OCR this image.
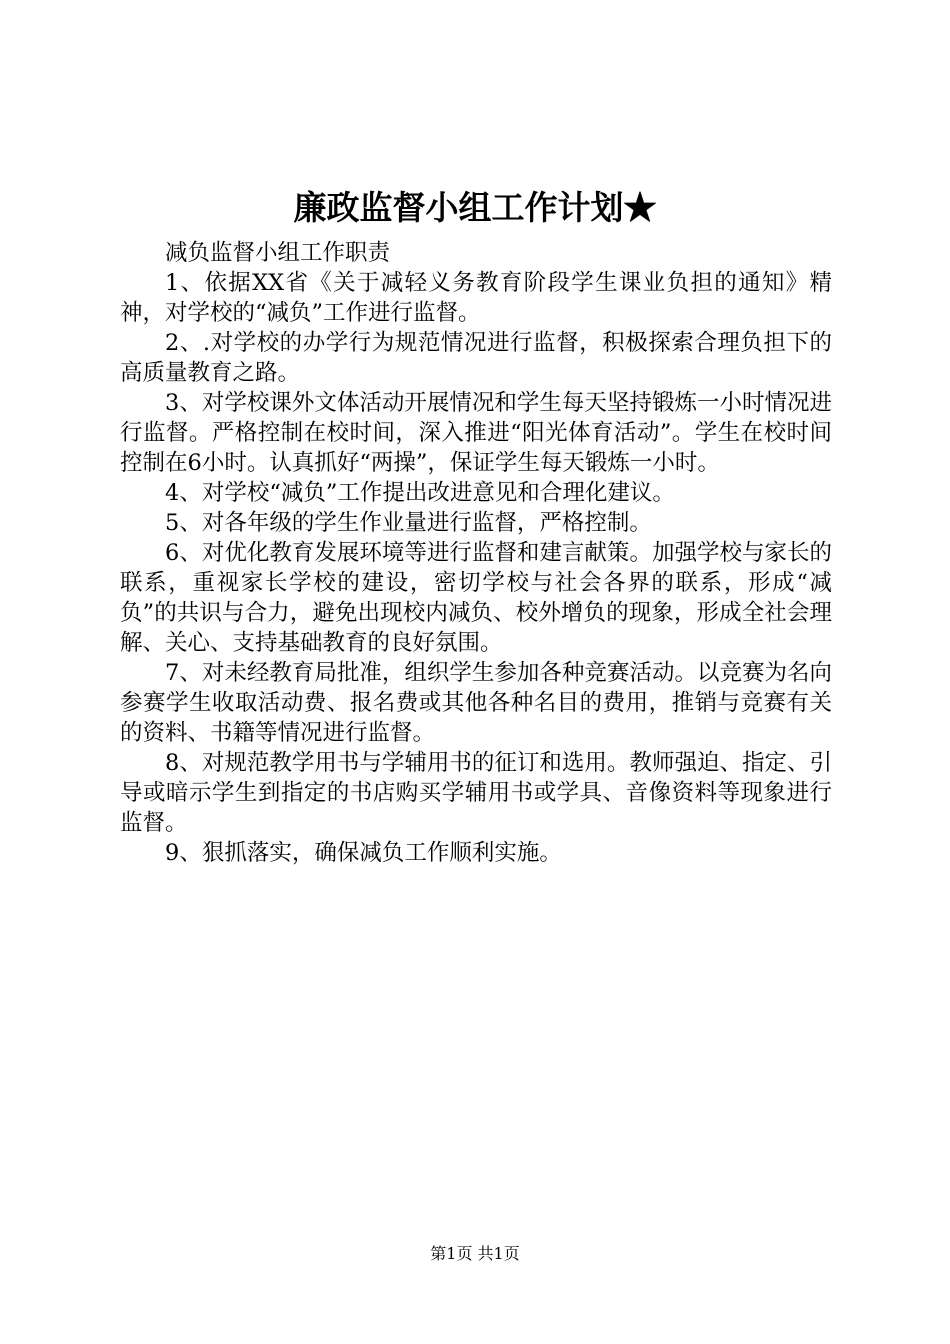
廉政监督小组工作计划★

减负监督小组工作职责

1、依据XX省《关于减轻义务教育阶段学生课业负担的通知》精神，对学校的“减负”工作进行监督。

2、.对学校的办学行为规范情况进行监督，积极探索合理负担下的高质量教育之路。

3、对学校课外文体活动开展情况和学生每天坚持锻炼一小时情况进行监督。严格控制在校时间，深入推进“阳光体育活动”。学生在校时间控制在6小时。认真抓好“两操”，保证学生每天锻炼一小时。

4、对学校“减负”工作提出改进意见和合理化建议。

5、对各年级的学生作业量进行监督，严格控制。

6、对优化教育发展环境等进行监督和建言献策。加强学校与家长的联系，重视家长学校的建设，密切学校与社会各界的联系，形成“减负”的共识与合力，避免出现校内减负、校外增负的现象，形成全社会理解、关心、支持基础教育的良好氛围。

7、对未经教育局批准，组织学生参加各种竞赛活动。以竞赛为名向参赛学生收取活动费、报名费或其他各种名目的费用，推销与竞赛有关的资料、书籍等情况进行监督。

8、对规范教学用书与学辅用书的征订和选用。教师强迫、指定、引导或暗示学生到指定的书店购买学辅用书或学具、音像资料等现象进行监督。

9、狠抓落实，确保减负工作顺利实施。

第1页 共1页
